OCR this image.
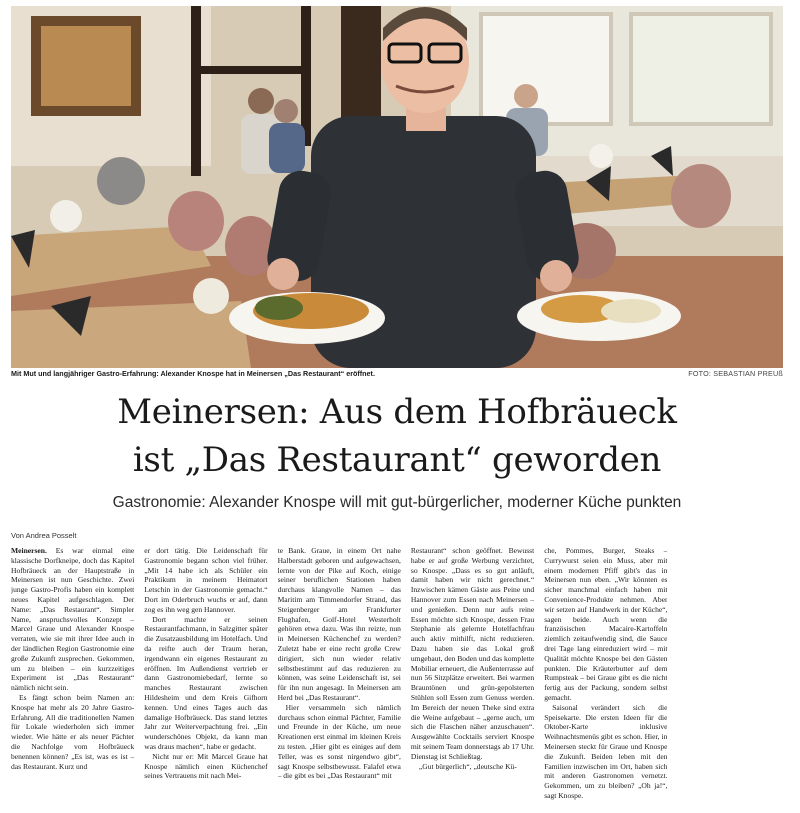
Mit Mut und langjähriger Gastro-Erfahrung: Alexander Knospe hat in Meinersen „Das Restaurant“ eröffnet.	FOTO: SEBASTIAN PREUß
Meinersen: Aus dem Hofbräueck
ist „Das Restaurant“ geworden
Gastronomie: Alexander Knospe will mit gut-bürgerlicher, moderner Küche punkten
Von Andrea Posselt

Meinersen. Es war einmal eine klassische Dorfkneipe, doch das Kapitel Hofbräueck an der Hauptstraße in Meinersen ist nun Geschichte. Zwei junge Gastro-Profis haben ein komplett neues Kapitel aufgeschlagen. Der Name: „Das Restaurant“. Simpler Name, anspruchsvolles Konzept – Marcel Graue und Alexander Knospe verraten, wie sie mit ihrer Idee auch in der ländlichen Region Gastronomie eine große Zukunft zusprechen. Gekommen, um zu bleiben – ein kurzzeitiges Experiment ist „Das Restaurant“ nämlich nicht sein.

Es fängt schon beim Namen an: Knospe hat mehr als 20 Jahre Gastro-Erfahrung. All die traditionellen Namen für Lokale wiederholen sich immer wieder. Wie hätte er als neuer Pächter die Nachfolge vom Hofbräueck benennen können? „Es ist, was es ist – das Restaurant. Kurz und

er dort tätig. Die Leidenschaft für Gastronomie begann schon viel früher. „Mit 14 habe ich als Schüler ein Praktikum in meinem Heimatort Letschin in der Gastronomie gemacht.“ Dort im Oderbruch wuchs er auf, dann zog es ihn weg gen Hannover.

Dort machte er seinen Restaurantfachmann, in Salzgitter später die Zusatzausbildung im Hotelfach. Und da reifte auch der Traum heran, irgendwann ein eigenes Restaurant zu eröffnen. Im Außendienst vertrieb er dann Gastronomiebedarf, lernte so manches Restaurant zwischen Hildesheim und dem Kreis Gifhorn kennen. Und eines Tages auch das damalige Hofbräueck. Das stand letztes Jahr zur Weiterverpachtung frei. „Ein wunderschönes Objekt, da kann man was draus machen“, habe er gedacht.

Nicht nur er: Mit Marcel Graue hat Knospe nämlich einen Küchenchef seines Vertrauens mit nach Mei-

te Bank. Graue, in einem Ort nahe Halberstadt geboren und aufgewachsen, lernte von der Pike auf Koch, einige seiner beruflichen Stationen haben durchaus klangvolle Namen – das Maritim am Timmendorfer Strand, das Steigenberger am Frankfurter Flughafen, Golf-Hotel Westerholt gehören etwa dazu. Was ihn reizte, nun in Meinersen Küchenchef zu werden? Zuletzt habe er eine recht große Crew dirigiert, sich nun wieder relativ selbstbestimmt auf das reduzieren zu können, was seine Leidenschaft ist, sei für ihn nun angesagt. In Meinersen am Herd bei „Das Restaurant“.

Hier versammeln sich nämlich durchaus schon einmal Pächter, Familie und Freunde in der Küche, um neue Kreationen erst einmal im kleinen Kreis zu testen. „Hier gibt es einiges auf dem Teller, was es sonst nirgendwo gibt“, sagt Knospe selbstbewusst. Falafel etwa – die gibt es bei „Das Restaurant“ mit

Restaurant“ schon geöffnet. Bewusst habe er auf große Werbung verzichtet, so Knospe. „Dass es so gut anläuft, damit haben wir nicht gerechnet.“ Inzwischen kämen Gäste aus Peine und Hannover zum Essen nach Meinersen – und genießen. Denn nur aufs reine Essen möchte sich Knospe, dessen Frau Stephanie als gelernte Hotelfachfrau auch aktiv mithilft, nicht reduzieren. Dazu haben sie das Lokal groß umgebaut, den Boden und das komplette Mobiliar erneuert, die Außenterrasse auf nun 56 Sitzplätze erweitert. Bei warmen Brauntönen und grün-gepolsterten Stühlen soll Essen zum Genuss werden. Im Bereich der neuen Theke sind extra die Weine aufgebaut – „gerne auch, um sich die Flaschen näher anzuschauen“. Ausgewählte Cocktails serviert Knospe mit seinem Team donnerstags ab 17 Uhr. Dienstag ist Schließtag.

„Gut bürgerlich“, „deutsche Kü-

che, Pommes, Burger, Steaks – Currywurst seien ein Muss, aber mit einem modernen Pfiff gibt's das in Meinersen nun eben. „Wir könnten es sicher manchmal einfach haben mit Convenience-Produkte nehmen. Aber wir setzen auf Handwerk in der Küche“, sagen beide. Auch wenn die französischen Macaire-Kartoffeln ziemlich zeitaufwendig sind, die Sauce drei Tage lang einreduziert wird – mit Qualität möchte Knospe bei den Gästen punkten. Die Kräuterbutter auf dem Rumpsteak – bei Graue gibt es die nicht fertig aus der Packung, sondern selbst gemacht.

Saisonal verändert sich die Speisekarte. Die ersten Ideen für die Oktober-Karte inklusive Weihnachtsmenüs gibt es schon. Hier, in Meinersen steckt für Graue und Knospe die Zukunft. Beiden leben mit den Familien inzwischen im Ort, haben sich mit anderen Gastronomen vernetzt. Gekommen, um zu bleiben? „Oh ja!“, sagt Knospe.
